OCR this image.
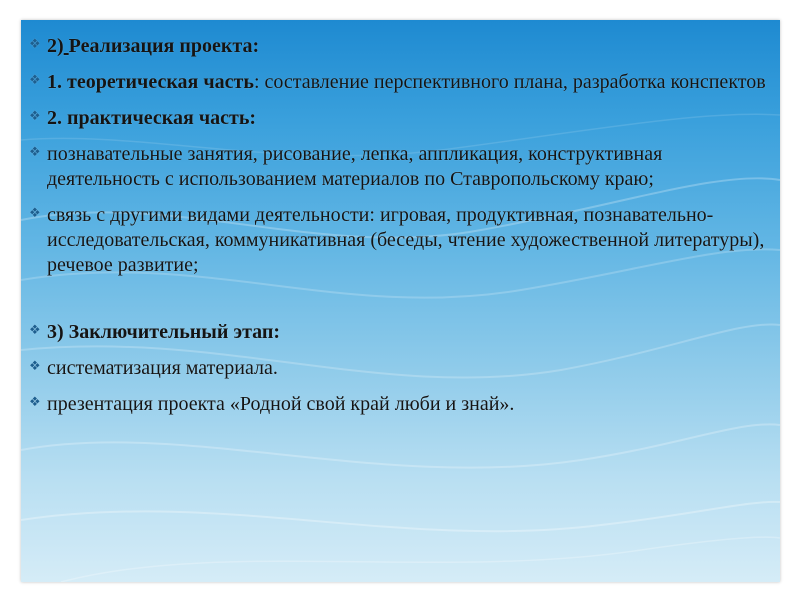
❖ 2) Реализация проекта:
❖ 1. теоретическая часть: составление перспективного плана, разработка конспектов
❖ 2. практическая часть:
❖ познавательные занятия, рисование, лепка, аппликация, конструктивная деятельность с использованием материалов по Ставропольскому краю;
❖ связь с другими видами деятельности: игровая, продуктивная, познавательно-исследовательская, коммуникативная (беседы, чтение художественной литературы), речевое развитие;
❖ 3) Заключительный этап:
❖ систематизация материала.
❖ презентация проекта «Родной свой край люби и знай».
